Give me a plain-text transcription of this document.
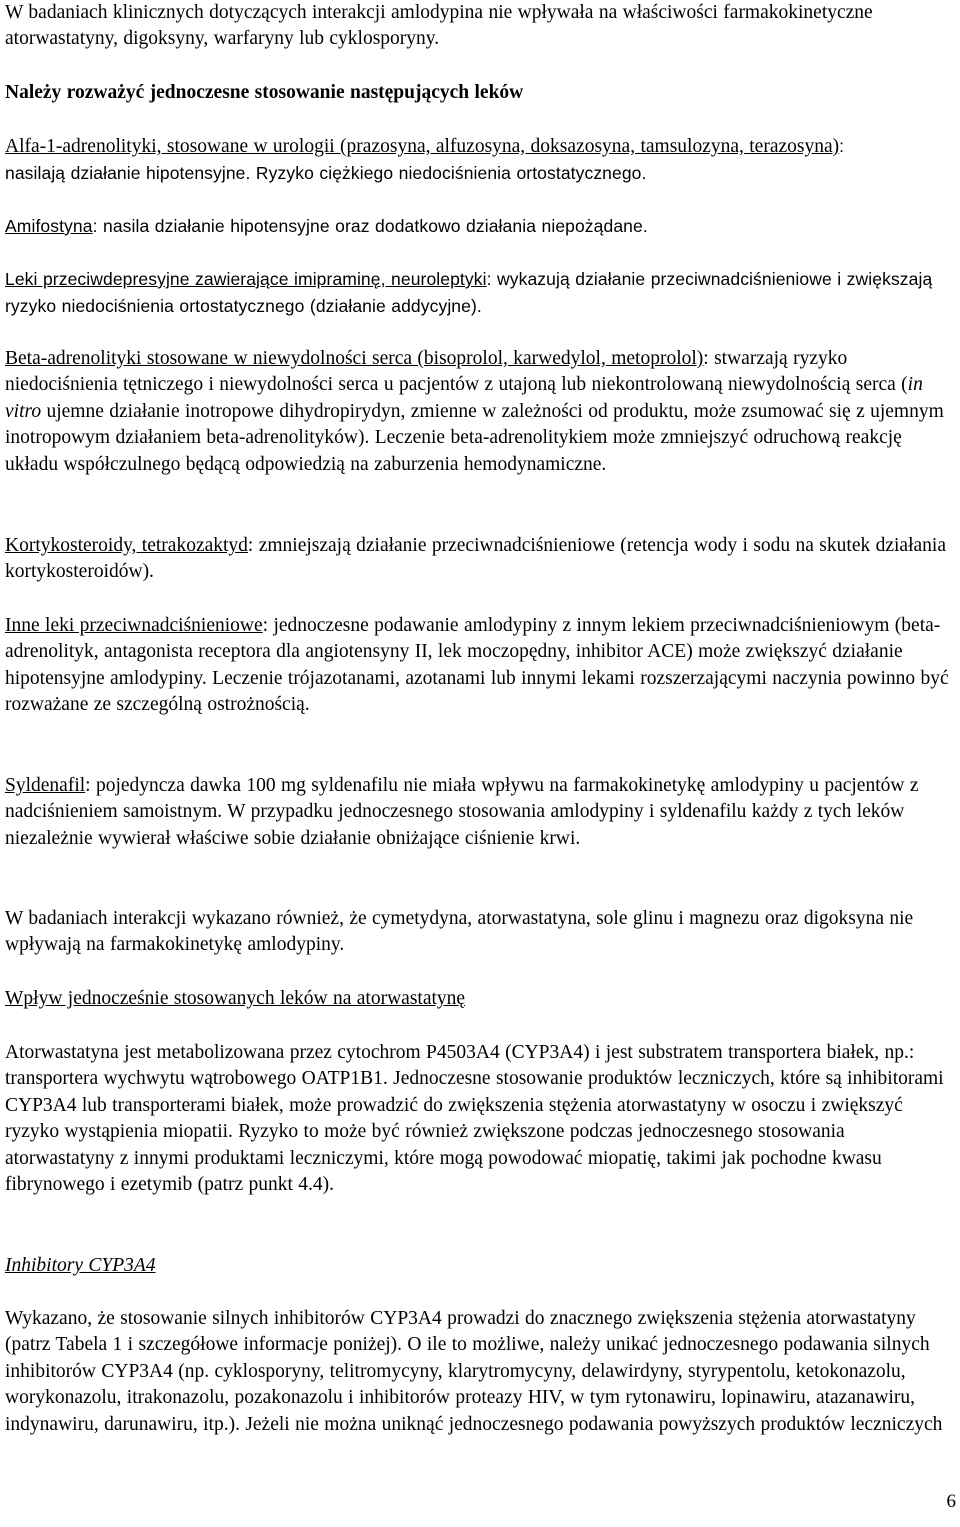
W badaniach klinicznych dotyczących interakcji amlodypina nie wpływała na właściwości farmakokinetyczne atorwastatyny, digoksyny, warfaryny lub cyklosporyny.

Należy rozważyć jednoczesne stosowanie następujących leków

Alfa-1-adrenolityki, stosowane w urologii (prazosyna, alfuzosyna, doksazosyna, tamsulozyna, terazosyna): nasilają działanie hipotensyjne. Ryzyko ciężkiego niedociśnienia ortostatycznego.

Amifostyna: nasila działanie hipotensyjne oraz dodatkowo działania niepożądane.

Leki przeciwdepresyjne zawierające imipraminę, neuroleptyki: wykazują działanie przeciwnadciśnieniowe i zwiększają ryzyko niedociśnienia ortostatycznego (działanie addycyjne).

Beta-adrenolityki stosowane w niewydolności serca (bisoprolol, karwedylol, metoprolol): stwarzają ryzyko niedociśnienia tętniczego i niewydolności serca u pacjentów z utajoną lub niekontrolowaną niewydolnością serca (in vitro ujemne działanie inotropowe dihydropirydyn, zmienne w zależności od produktu, może zsumować się z ujemnym inotropowym działaniem beta-adrenolityków). Leczenie beta-adrenolitykiem może zmniejszyć odruchową reakcję układu współczulnego będącą odpowiedzią na zaburzenia hemodynamiczne.

Kortykosteroidy, tetrakozaktyd: zmniejszają działanie przeciwnadciśnieniowe (retencja wody i sodu na skutek działania kortykosteroidów).

Inne leki przeciwnadciśnieniowe: jednoczesne podawanie amlodypiny z innym lekiem przeciwnadciśnieniowym (beta-adrenolityk, antagonista receptora dla angiotensyny II, lek moczopędny, inhibitor ACE) może zwiększyć działanie hipotensyjne amlodypiny. Leczenie trójazotanami, azotanami lub innymi lekami rozszerzającymi naczynia powinno być rozważane ze szczególną ostrożnością.

Syldenafil: pojedyncza dawka 100 mg syldenafilu nie miała wpływu na farmakokinetykę amlodypiny u pacjentów z nadciśnieniem samoistnym. W przypadku jednoczesnego stosowania amlodypiny i syldenafilu każdy z tych leków niezależnie wywierał właściwe sobie działanie obniżające ciśnienie krwi.

W badaniach interakcji wykazano również, że cymetydyna, atorwastatyna, sole glinu i magnezu oraz digoksyna nie wpływają na farmakokinetykę amlodypiny.

Wpływ jednocześnie stosowanych leków na atorwastatynę

Atorwastatyna jest metabolizowana przez cytochrom P4503A4 (CYP3A4) i jest substratem transportera białek, np.: transportera wychwytu wątrobowego OATP1B1. Jednoczesne stosowanie produktów leczniczych, które są inhibitorami CYP3A4 lub transporterami białek, może prowadzić do zwiększenia stężenia atorwastatyny w osoczu i zwiększyć ryzyko wystąpienia miopatii. Ryzyko to może być również zwiększone podczas jednoczesnego stosowania atorwastatyny z innymi produktami leczniczymi, które mogą powodować miopatię, takimi jak pochodne kwasu fibrynowego i ezetymib (patrz punkt 4.4).

Inhibitory CYP3A4

Wykazano, że stosowanie silnych inhibitorów CYP3A4 prowadzi do znacznego zwiększenia stężenia atorwastatyny (patrz Tabela 1 i szczegółowe informacje poniżej). O ile to możliwe, należy unikać jednoczesnego podawania silnych inhibitorów CYP3A4 (np. cyklosporyny, telitromycyny, klarytromycyny, delawirdyny, styrypentolu, ketokonazolu, worykonazolu, itrakonazolu, pozakonazolu i inhibitorów proteazy HIV, w tym rytonawiru, lopinawiru, atazanawiru, indynawiru, darunawiru, itp.). Jeżeli nie można uniknąć jednoczesnego podawania powyższych produktów leczniczych

6
